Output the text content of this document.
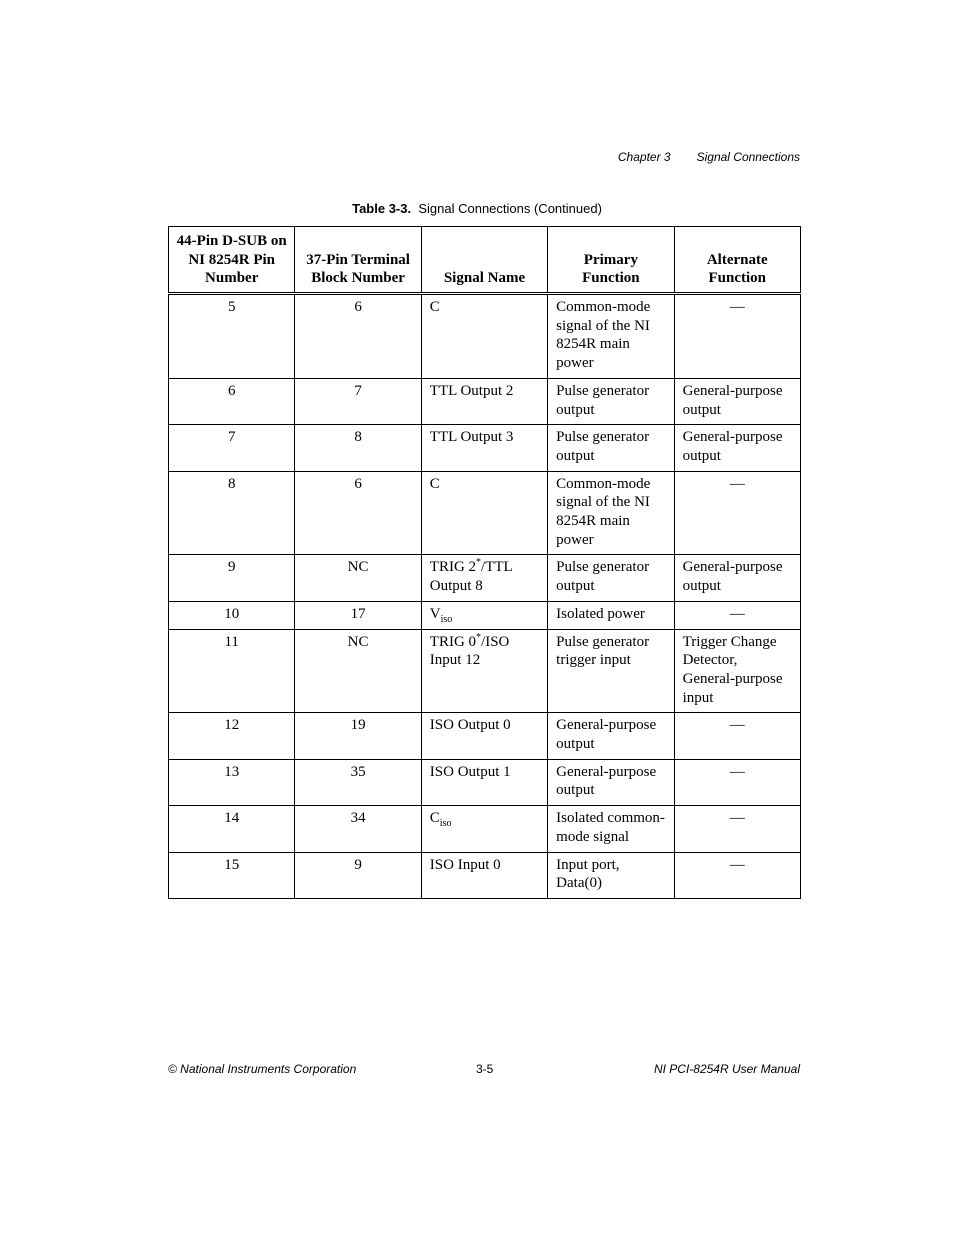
Chapter 3 Signal Connections
Table 3-3. Signal Connections (Continued)
44-Pin D-SUB on NI 8254R Pin Number	37-Pin Terminal Block Number	Signal Name	Primary Function	Alternate Function
5	6	C	Common-mode signal of the NI 8254R main power	—
6	7	TTL Output 2	Pulse generator output	General-purpose output
7	8	TTL Output 3	Pulse generator output	General-purpose output
8	6	C	Common-mode signal of the NI 8254R main power	—
9	NC	TRIG 2*/TTL Output 8	Pulse generator output	General-purpose output
10	17	$V_{iso}$	Isolated power	—
11	NC	TRIG 0*/ISO Input 12	Pulse generator trigger input	Trigger Change Detector, General-purpose input
12	19	ISO Output 0	General-purpose output	—
13	35	ISO Output 1	General-purpose output	—
14	34	$C_{iso}$	Isolated common-mode signal	—
15	9	ISO Input 0	Input port, Data(0)	—
© National Instruments Corporation	3-5	NI PCI-8254R User Manual
